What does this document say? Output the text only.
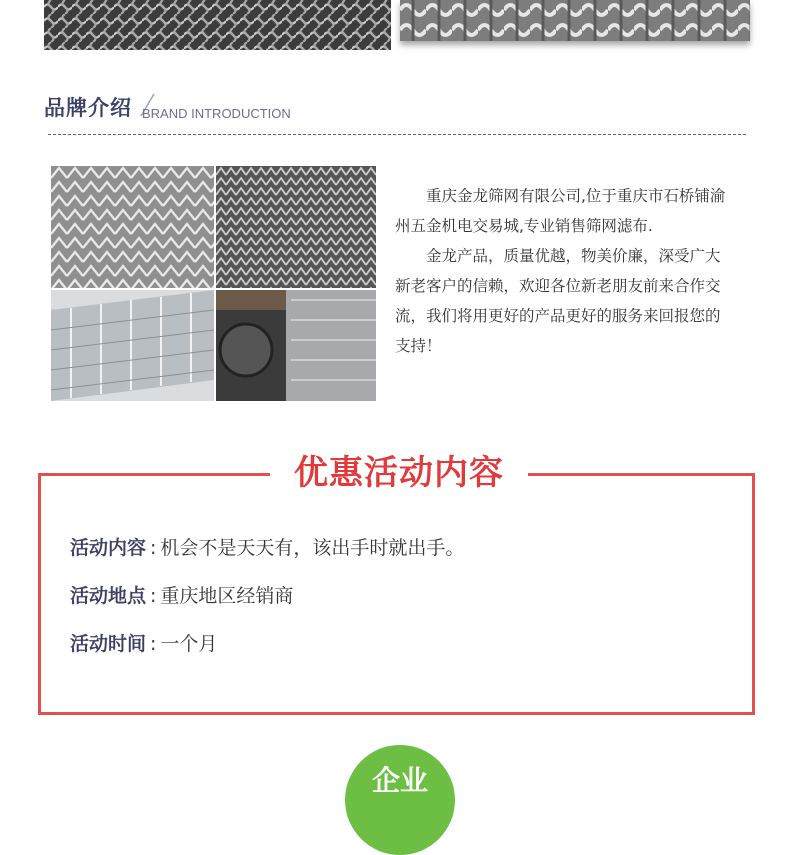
品牌介绍 BRAND INTRODUCTION

重庆金龙筛网有限公司,位于重庆市石桥铺渝州五金机电交易城,专业销售筛网滤布.

金龙产品，质量优越，物美价廉，深受广大新老客户的信赖，欢迎各位新老朋友前来合作交流，我们将用更好的产品更好的服务来回报您的支持！

优惠活动内容
活动内容 : 机会不是天天有，该出手时就出手。
活动地点 : 重庆地区经销商
活动时间 : 一个月
企业
